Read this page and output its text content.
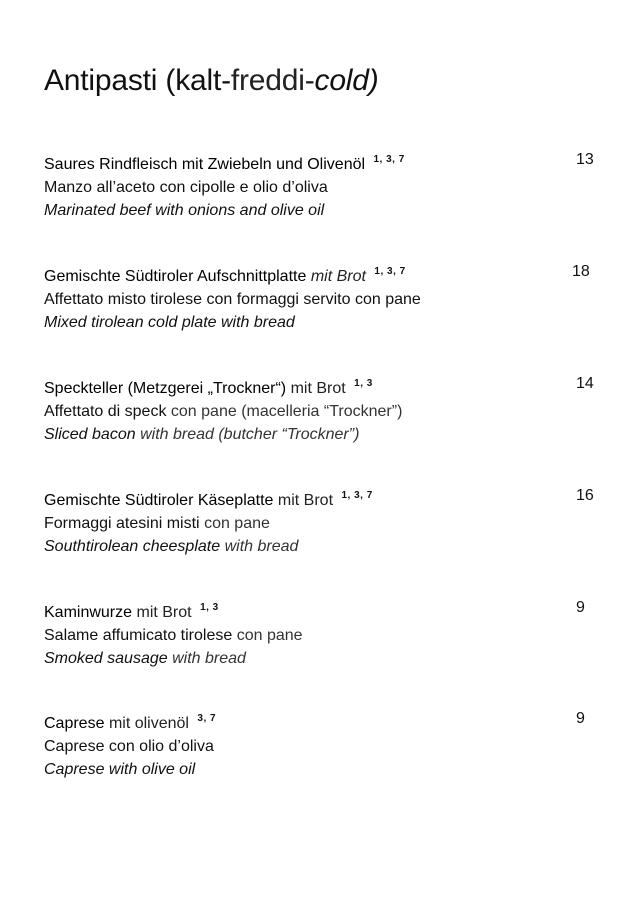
Antipasti (kalt-freddi-cold)
Saures Rindfleisch mit Zwiebeln und Olivenöl $^{1, 3, 7}$
Manzo all’aceto con cipolle e olio d’oliva
Marinated beef with onions and olive oil
13
Gemischte Südtiroler Aufschnittplatte mit Brot $^{1, 3, 7}$
Affettato misto tirolese con formaggi servito con pane
Mixed tirolean cold plate with bread
18
Speckteller (Metzgerei „Trockner“) mit Brot $^{1, 3}$
Affettato di speck con pane (macelleria “Trockner”)
Sliced bacon with bread (butcher “Trockner”)
14
Gemischte Südtiroler Käseplatte mit Brot $^{1, 3, 7}$
Formaggi atesini misti con pane
Southtirolean cheesplate with bread
16
Kaminwurze mit Brot $^{1, 3}$
Salame affumicato tirolese con pane
Smoked sausage with bread
9
Caprese mit olivenöl $^{3, 7}$
Caprese con olio d’oliva
Caprese with olive oil
9
